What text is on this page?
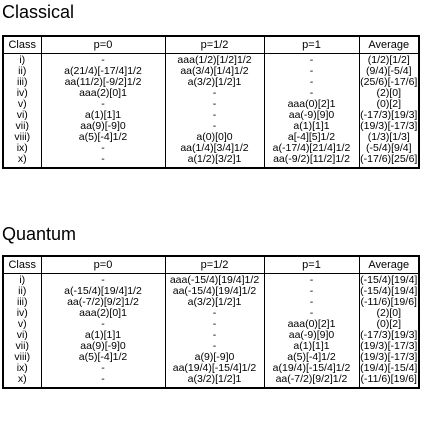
Classical
Class	p=0	p=1/2	p=1	Average
i)	-	aaa(1/2)[1/2]1/2	-	(1/2)[1/2]
ii)	a(21/4)[-17/4]1/2	aa(3/4)[1/4]1/2	-	(9/4)[-5/4]
iii)	aa(11/2)[-9/2]1/2	a(3/2)[1/2]1	-	(25/6)[-17/6]
iv)	aaa(2)[0]1	-	-	(2)[0]
v)	-	-	aaa(0)[2]1	(0)[2]
vi)	a(1)[1]1	-	aa(-9)[9]0	(-17/3)[19/3]
vii)	aa(9)[-9]0	-	a(1)[1]1	(19/3)[-17/3]
viii)	a(5)[-4]1/2	a(0)[0]0	a[-4][5]1/2	(1/3)[1/3]
ix)	-	aa(1/4)[3/4]1/2	a(-17/4)[21/4]1/2	(-5/4)[9/4]
x)	-	a(1/2)[3/2]1	aa(-9/2)[11/2]1/2	(-17/6)[25/6]
Quantum
Class	p=0	p=1/2	p=1	Average
i)	-	aaa(-15/4)[19/4]1/2	-	(-15/4)[19/4]
ii)	a(-15/4)[19/4]1/2	aa(-15/4)[19/4]1/2	-	(-15/4)[19/4]
iii)	aa(-7/2)[9/2]1/2	a(3/2)[1/2]1	-	(-11/6)[19/6]
iv)	aaa(2)[0]1	-	-	(2)[0]
v)	-	-	aaa(0)[2]1	(0)[2]
vi)	a(1)[1]1	-	aa(-9)[9]0	(-17/3)[19/3]
vii)	aa(9)[-9]0	-	a(1)[1]1	(19/3)[-17/3]
viii)	a(5)[-4]1/2	a(9)[-9]0	a(5)[-4]1/2	(19/3)[-17/3]
ix)	-	aa(19/4)[-15/4]1/2	a(19/4)[-15/4]1/2	(19/4)[-15/4]
x)	-	a(3/2)[1/2]1	aa(-7/2)[9/2]1/2	(-11/6)[19/6]
